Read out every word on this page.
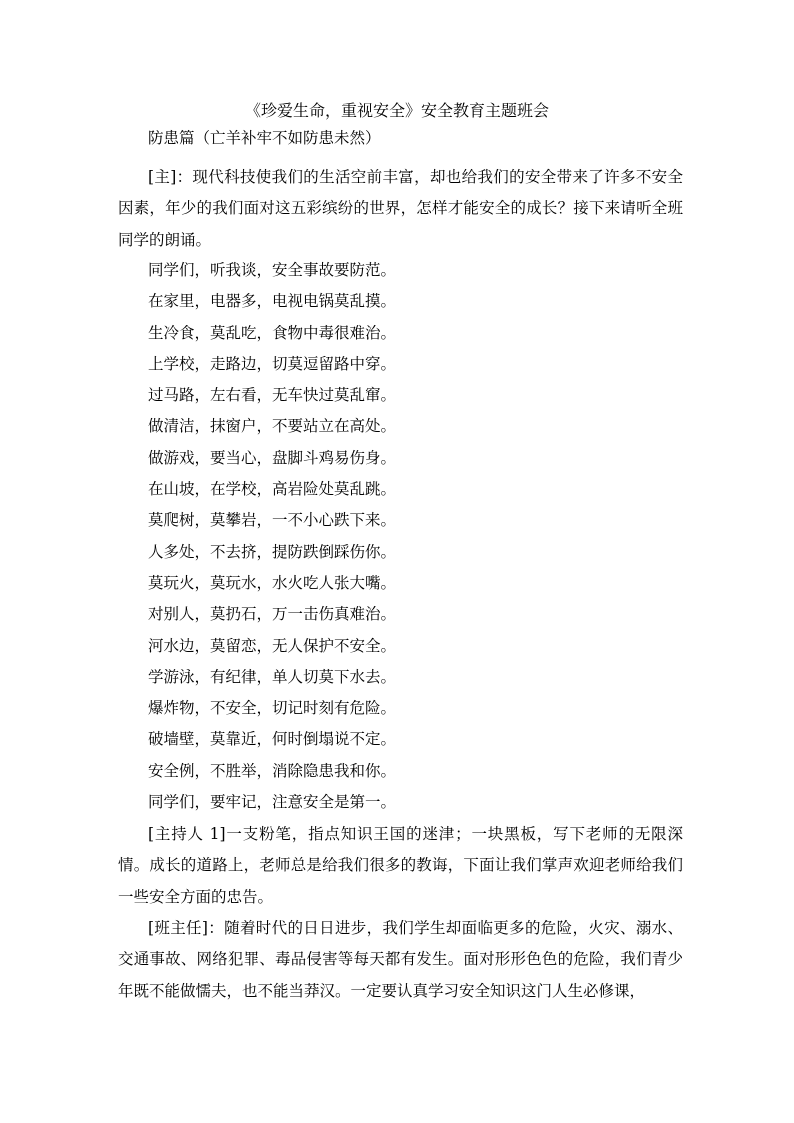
《珍爱生命，重视安全》安全教育主题班会
防患篇（亡羊补牢不如防患未然）

[主]：现代科技使我们的生活空前丰富，却也给我们的安全带来了许多不安全因素，年少的我们面对这五彩缤纷的世界，怎样才能安全的成长？接下来请听全班同学的朗诵。

同学们，听我谈，安全事故要防范。
在家里，电器多，电视电锅莫乱摸。
生冷食，莫乱吃，食物中毒很难治。
上学校，走路边，切莫逗留路中穿。
过马路，左右看，无车快过莫乱窜。
做清洁，抹窗户，不要站立在高处。
做游戏，要当心，盘脚斗鸡易伤身。
在山坡，在学校，高岩险处莫乱跳。
莫爬树，莫攀岩，一不小心跌下来。
人多处，不去挤，提防跌倒踩伤你。
莫玩火，莫玩水，水火吃人张大嘴。
对别人，莫扔石，万一击伤真难治。
河水边，莫留恋，无人保护不安全。
学游泳，有纪律，单人切莫下水去。
爆炸物，不安全，切记时刻有危险。
破墙壁，莫靠近，何时倒塌说不定。
安全例，不胜举，消除隐患我和你。
同学们，要牢记，注意安全是第一。

[主持人 1]一支粉笔，指点知识王国的迷津；一块黑板，写下老师的无限深情。成长的道路上，老师总是给我们很多的教诲，下面让我们掌声欢迎老师给我们一些安全方面的忠告。

[班主任]：随着时代的日日进步，我们学生却面临更多的危险，火灾、溺水、交通事故、网络犯罪、毒品侵害等每天都有发生。面对形形色色的危险，我们青少年既不能做懦夫，也不能当莽汉。一定要认真学习安全知识这门人生必修课，
